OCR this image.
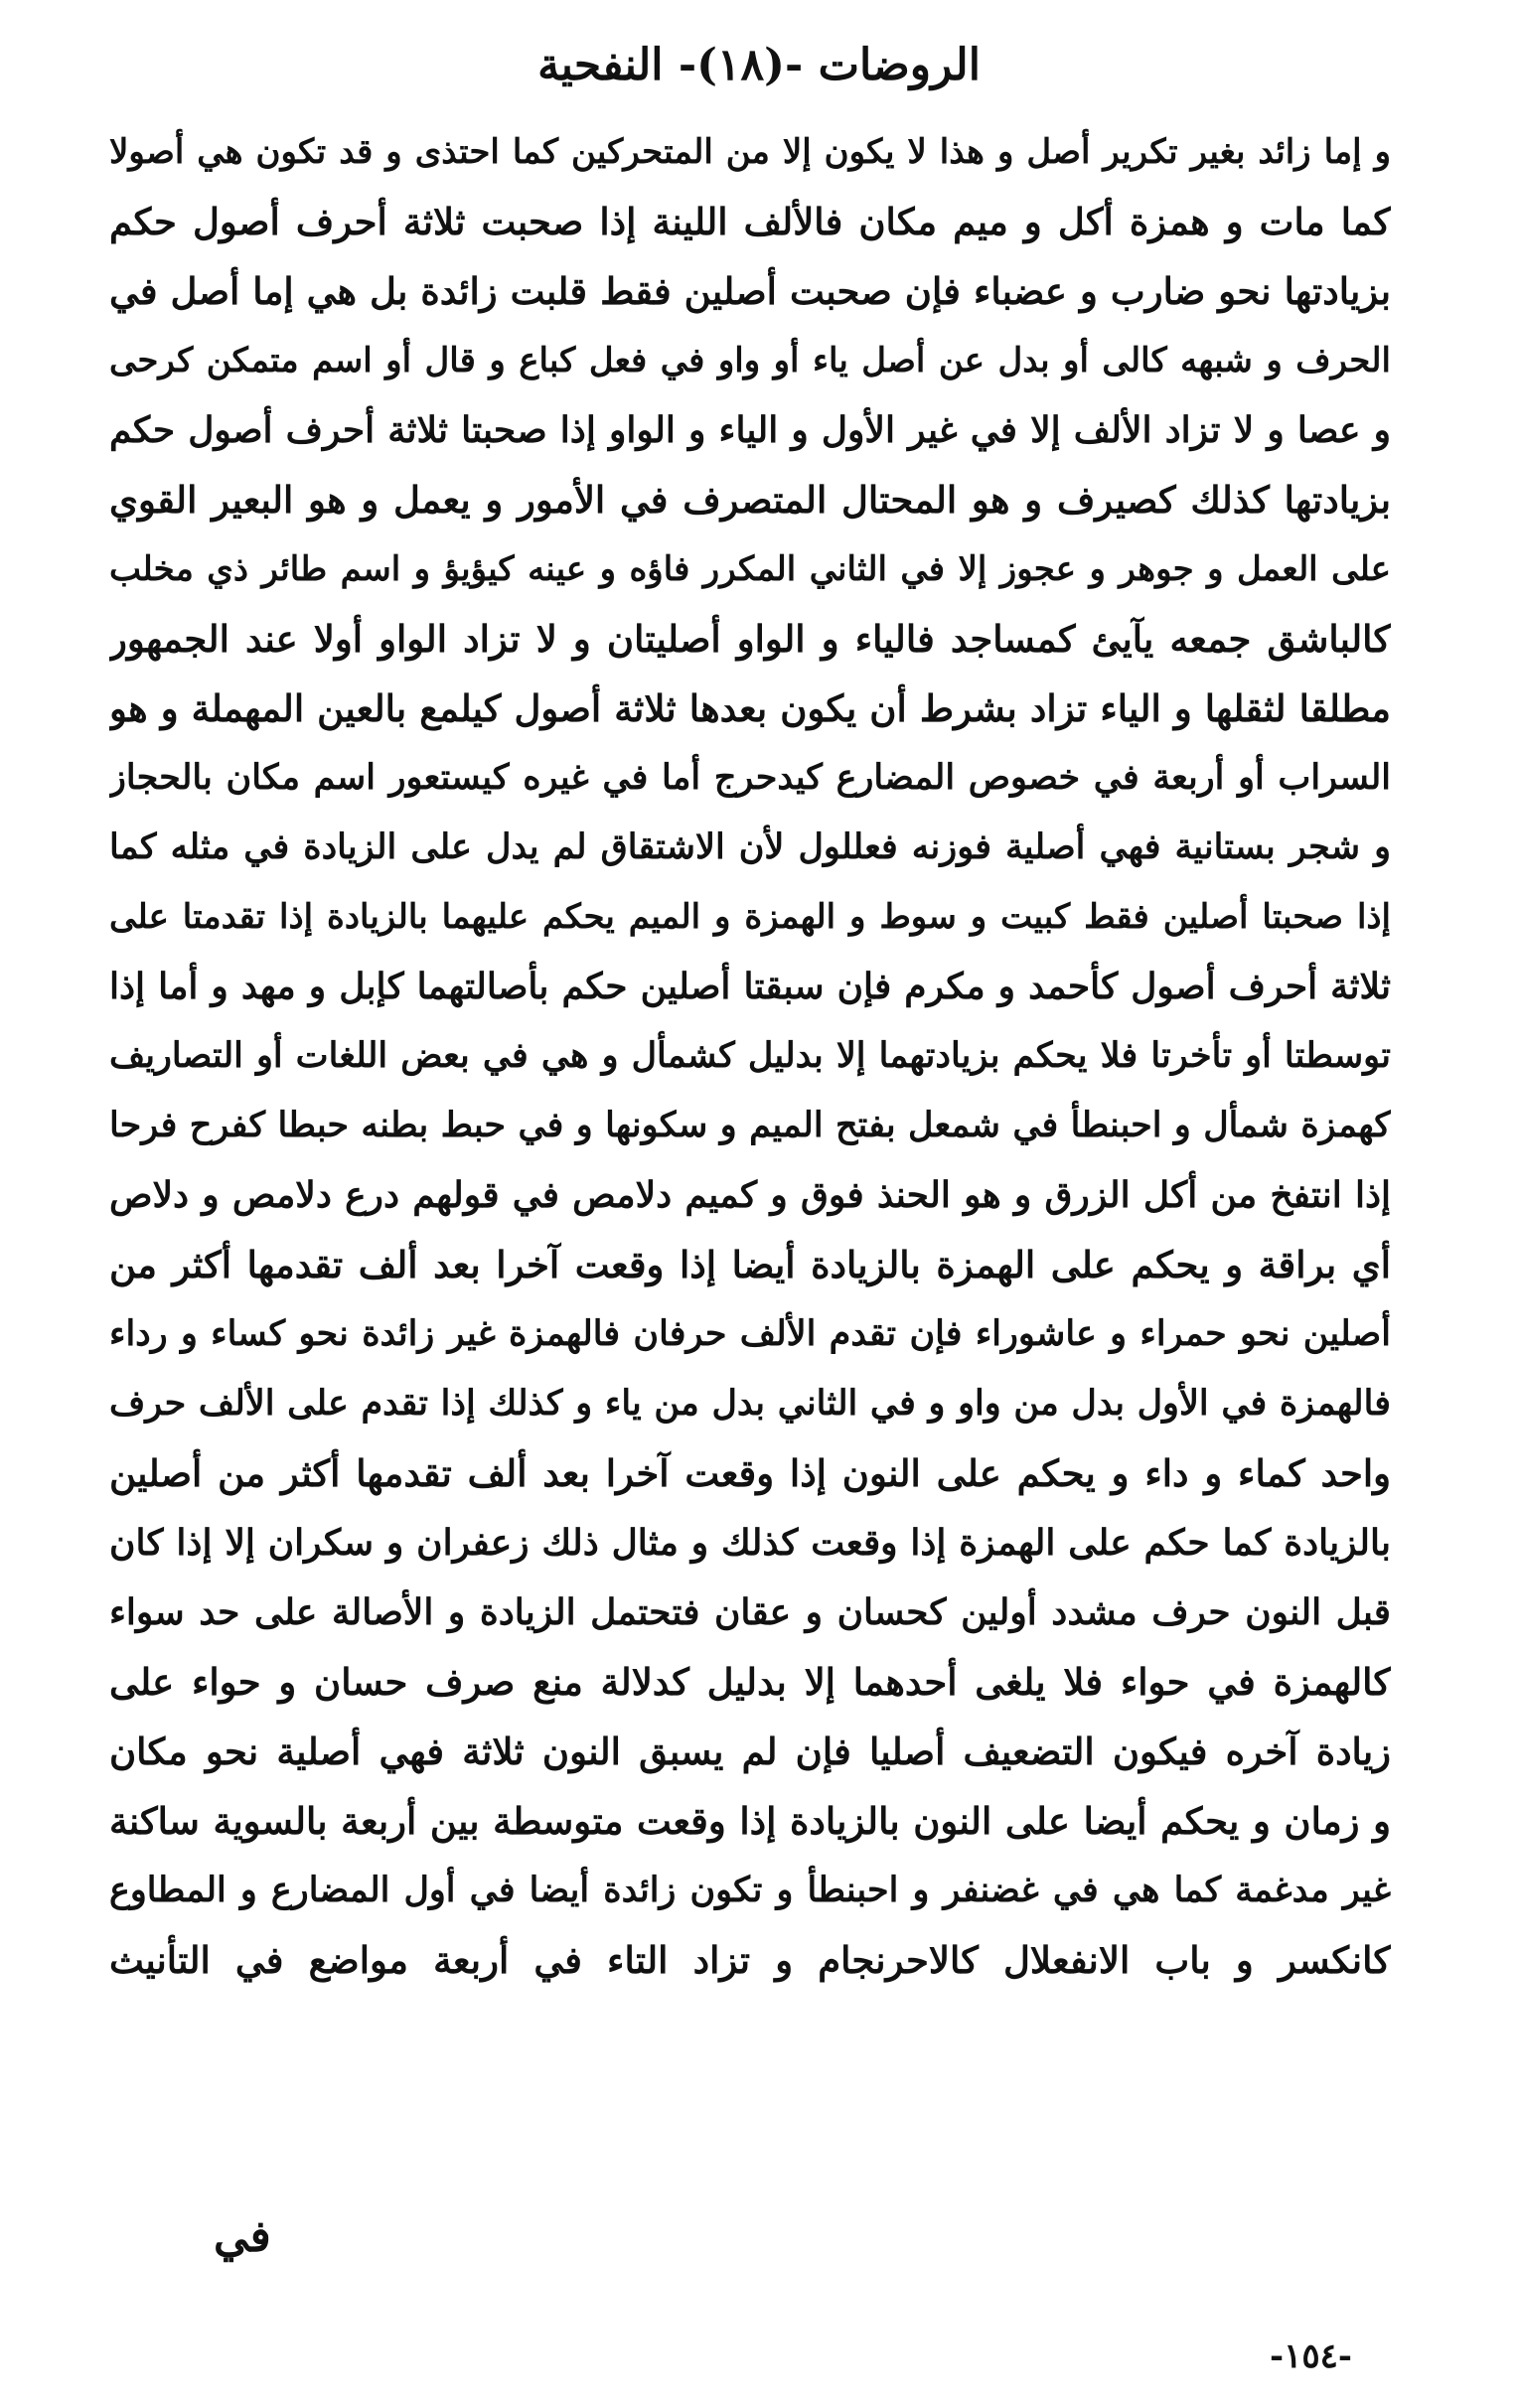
الروضات -(١٨)- النفحية
و إما زائد بغير تكرير أصل و هذا لا يكون إلا من المتحركين كما احتذى و قد تكون هي أصولا
كما مات و همزة أكل و ميم مكان فالألف اللينة إذا صحبت ثلاثة أحرف أصول حكم
بزيادتها نحو ضارب و عضباء فإن صحبت أصلين فقط قلبت زائدة بل هي إما أصل في
الحرف و شبهه كالى أو بدل عن أصل ياء أو واو في فعل كباع و قال أو اسم متمكن كرحى
و عصا و لا تزاد الألف إلا في غير الأول و الياء و الواو إذا صحبتا ثلاثة أحرف أصول حكم
بزيادتها كذلك كصيرف و هو المحتال المتصرف في الأمور و يعمل و هو البعير القوي
على العمل و جوهر و عجوز إلا في الثاني المكرر فاؤه و عينه كيؤيؤ و اسم طائر ذي مخلب
كالباشق جمعه يآيئ كمساجد فالياء و الواو أصليتان و لا تزاد الواو أولا عند الجمهور
مطلقا لثقلها و الياء تزاد بشرط أن يكون بعدها ثلاثة أصول كيلمع بالعين المهملة و هو
السراب أو أربعة في خصوص المضارع كيدحرج أما في غيره كيستعور اسم مكان بالحجاز
و شجر بستانية فهي أصلية فوزنه فعللول لأن الاشتقاق لم يدل على الزيادة في مثله كما
إذا صحبتا أصلين فقط كبيت و سوط و الهمزة و الميم يحكم عليهما بالزيادة إذا تقدمتا على
ثلاثة أحرف أصول كأحمد و مكرم فإن سبقتا أصلين حكم بأصالتهما كإبل و مهد و أما إذا
توسطتا أو تأخرتا فلا يحكم بزيادتهما إلا بدليل كشمأل و هي في بعض اللغات أو التصاريف
كهمزة شمأل و احبنطأ في شمعل بفتح الميم و سكونها و في حبط بطنه حبطا كفرح فرحا
إذا انتفخ من أكل الزرق و هو الحنذ فوق و كميم دلامص في قولهم درع دلامص و دلاص
أي براقة و يحكم على الهمزة بالزيادة أيضا إذا وقعت آخرا بعد ألف تقدمها أكثر من
أصلين نحو حمراء و عاشوراء فإن تقدم الألف حرفان فالهمزة غير زائدة نحو كساء و رداء
فالهمزة في الأول بدل من واو و في الثاني بدل من ياء و كذلك إذا تقدم على الألف حرف
واحد كماء و داء و يحكم على النون إذا وقعت آخرا بعد ألف تقدمها أكثر من أصلين
بالزيادة كما حكم على الهمزة إذا وقعت كذلك و مثال ذلك زعفران و سكران إلا إذا كان
قبل النون حرف مشدد أولين كحسان و عقان فتحتمل الزيادة و الأصالة على حد سواء
كالهمزة في حواء فلا يلغى أحدهما إلا بدليل كدلالة منع صرف حسان و حواء على
زيادة آخره فيكون التضعيف أصليا فإن لم يسبق النون ثلاثة فهي أصلية نحو مكان
و زمان و يحكم أيضا على النون بالزيادة إذا وقعت متوسطة بين أربعة بالسوية ساكنة
غير مدغمة كما هي في غضنفر و احبنطأ و تكون زائدة أيضا في أول المضارع و المطاوع
كانكسر و باب الانفعلال كالاحرنجام و تزاد التاء في أربعة مواضع في التأنيث
في
-١٥٤-
